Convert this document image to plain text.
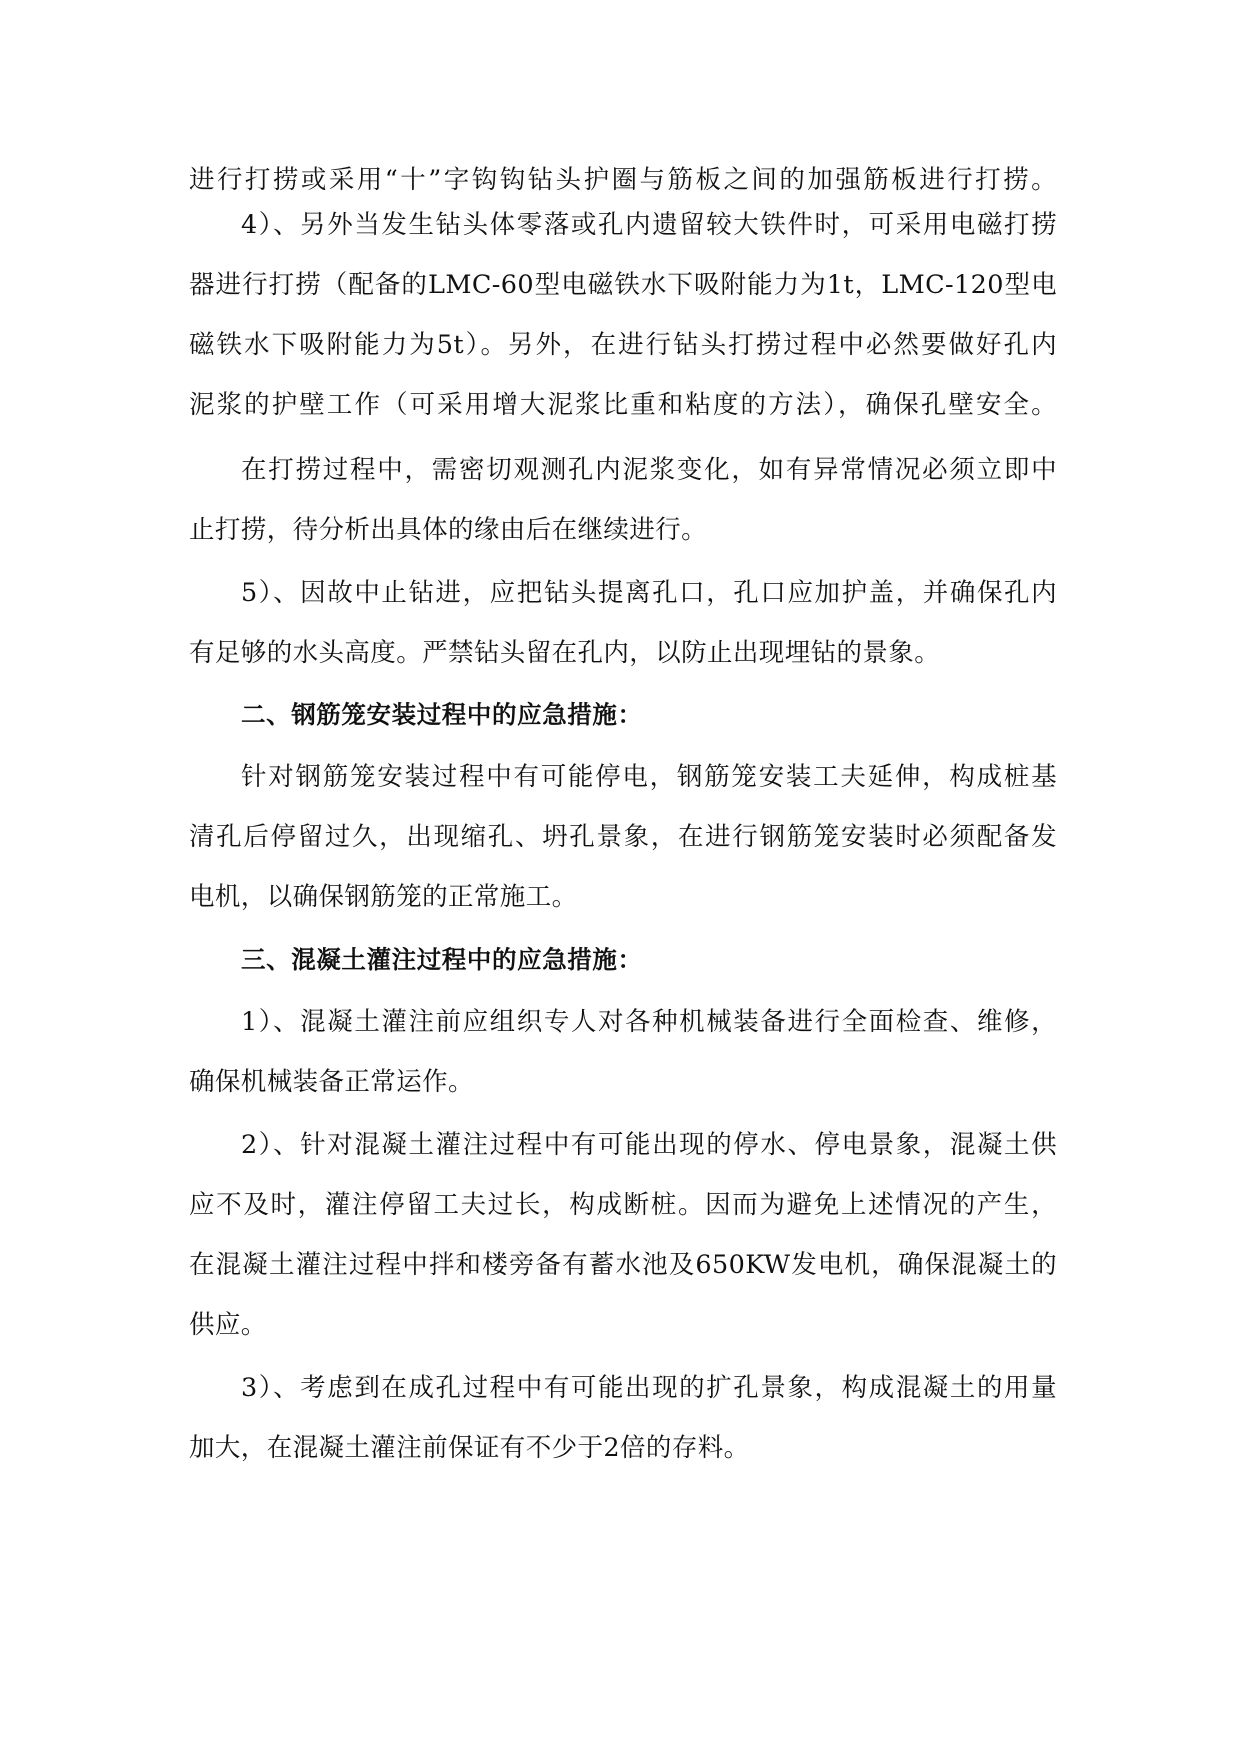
进行打捞或采用“十”字钩钩钻头护圈与筋板之间的加强筋板进行打捞。
4）、另外当发生钻头体零落或孔内遗留较大铁件时，可采用电磁打捞
器进行打捞（配备的LMC-60型电磁铁水下吸附能力为1t，LMC-120型电
磁铁水下吸附能力为5t）。另外，在进行钻头打捞过程中必然要做好孔内
泥浆的护壁工作（可采用增大泥浆比重和粘度的方法），确保孔壁安全。
在打捞过程中，需密切观测孔内泥浆变化，如有异常情况必须立即中
止打捞，待分析出具体的缘由后在继续进行。
5）、因故中止钻进，应把钻头提离孔口，孔口应加护盖，并确保孔内
有足够的水头高度。严禁钻头留在孔内，以防止出现埋钻的景象。
二、钢筋笼安装过程中的应急措施：
针对钢筋笼安装过程中有可能停电，钢筋笼安装工夫延伸，构成桩基
清孔后停留过久，出现缩孔、坍孔景象，在进行钢筋笼安装时必须配备发
电机，以确保钢筋笼的正常施工。
三、混凝土灌注过程中的应急措施：
1）、混凝土灌注前应组织专人对各种机械装备进行全面检查、维修，
确保机械装备正常运作。
2）、针对混凝土灌注过程中有可能出现的停水、停电景象，混凝土供
应不及时，灌注停留工夫过长，构成断桩。因而为避免上述情况的产生，
在混凝土灌注过程中拌和楼旁备有蓄水池及650KW发电机，确保混凝土的
供应。
3）、考虑到在成孔过程中有可能出现的扩孔景象，构成混凝土的用量
加大，在混凝土灌注前保证有不少于2倍的存料。
